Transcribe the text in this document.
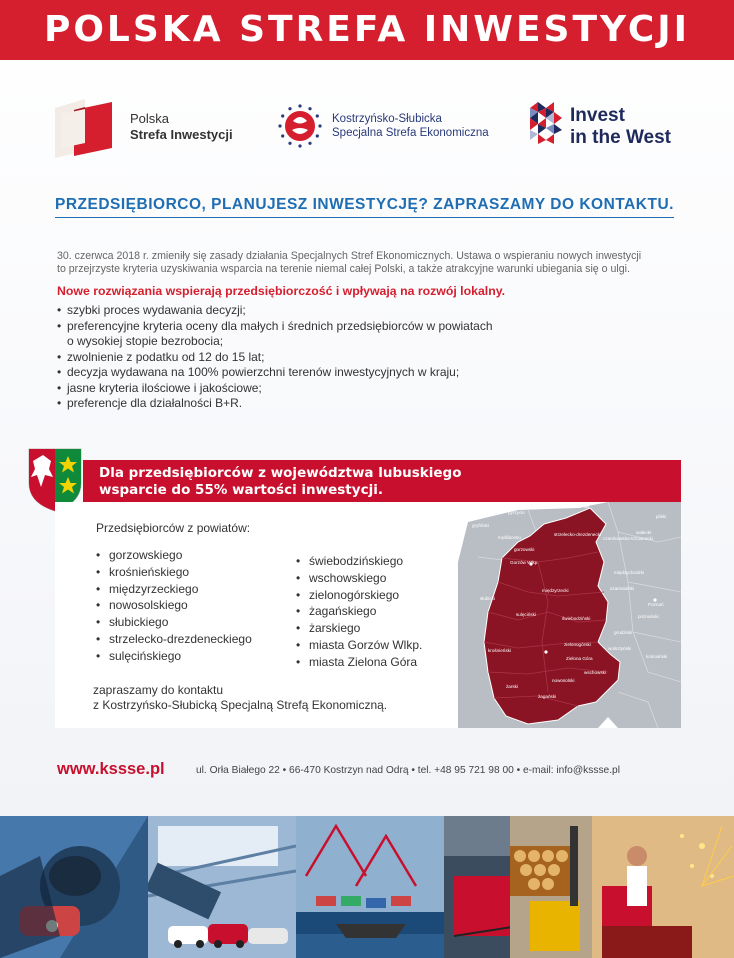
POLSKA STREFA INWESTYCJI
Polska
Strefa Inwestycji
Kostrzyńsko-Słubicka
Specjalna Strefa Ekonomiczna
Invest
in the West
PRZEDSIĘBIORCO, PLANUJESZ INWESTYCJĘ? ZAPRASZAMY DO KONTAKTU.
30. czerwca 2018 r. zmieniły się zasady działania Specjalnych Stref Ekonomicznych. Ustawa o wspieraniu nowych inwestycji
to przejrzyste kryteria uzyskiwania wsparcia na terenie niemal całej Polski, a także atrakcyjne warunki ubiegania się o ulgi.
Nowe rozwiązania wspierają przedsiębiorczość i wpływają na rozwój lokalny.
• szybki proces wydawania decyzji;
• preferencyjne kryteria oceny dla małych i średnich przedsiębiorców w powiatach
o wysokiej stopie bezrobocia;
• zwolnienie z podatku od 12 do 15 lat;
• decyzja wydawana na 100% powierzchni terenów inwestycyjnych w kraju;
• jasne kryteria ilościowe i jakościowe;
• preferencje dla działalności B+R.
Dla przedsiębiorców z województwa lubuskiego
wsparcie do 55% wartości inwestycji.
Przedsiębiorców z powiatów:
• gorzowskiego
• krośnieńskiego
• międzyrzeckiego
• nowosolskiego
• słubickiego
• strzelecko-drezdeneckiego
• sulęcińskiego
• świebodzińskiego
• wschowskiego
• zielonogórskiego
• żagańskiego
• żarskiego
• miasta Gorzów Wlkp.
• miasta Zielona Góra
zapraszamy do kontaktu
z Kostrzyńsko-Słubicką Specjalną Strefą Ekonomiczną.
pyrzycki
choszczeński
gryfiński
myśliborski
strzelecko-drezdenecki
gorzowski
Gorzów Wlkp.
pilski
wałecki
czarnkowsko-trzcianecki
międzychodzki
słubicki
międzyrzecki	szamotulski
sulęciński
świebodziński	poznański
Poznań
krośnieński
zielonogórski
Zielona Góra
grodziski
wolsztyński
kościański
wschowski
nowosolski
żarski
żagański
www.kssse.pl	ul. Orła Białego 22 • 66-470 Kostrzyn nad Odrą • tel. +48 95 721 98 00 • e-mail: info@kssse.pl
